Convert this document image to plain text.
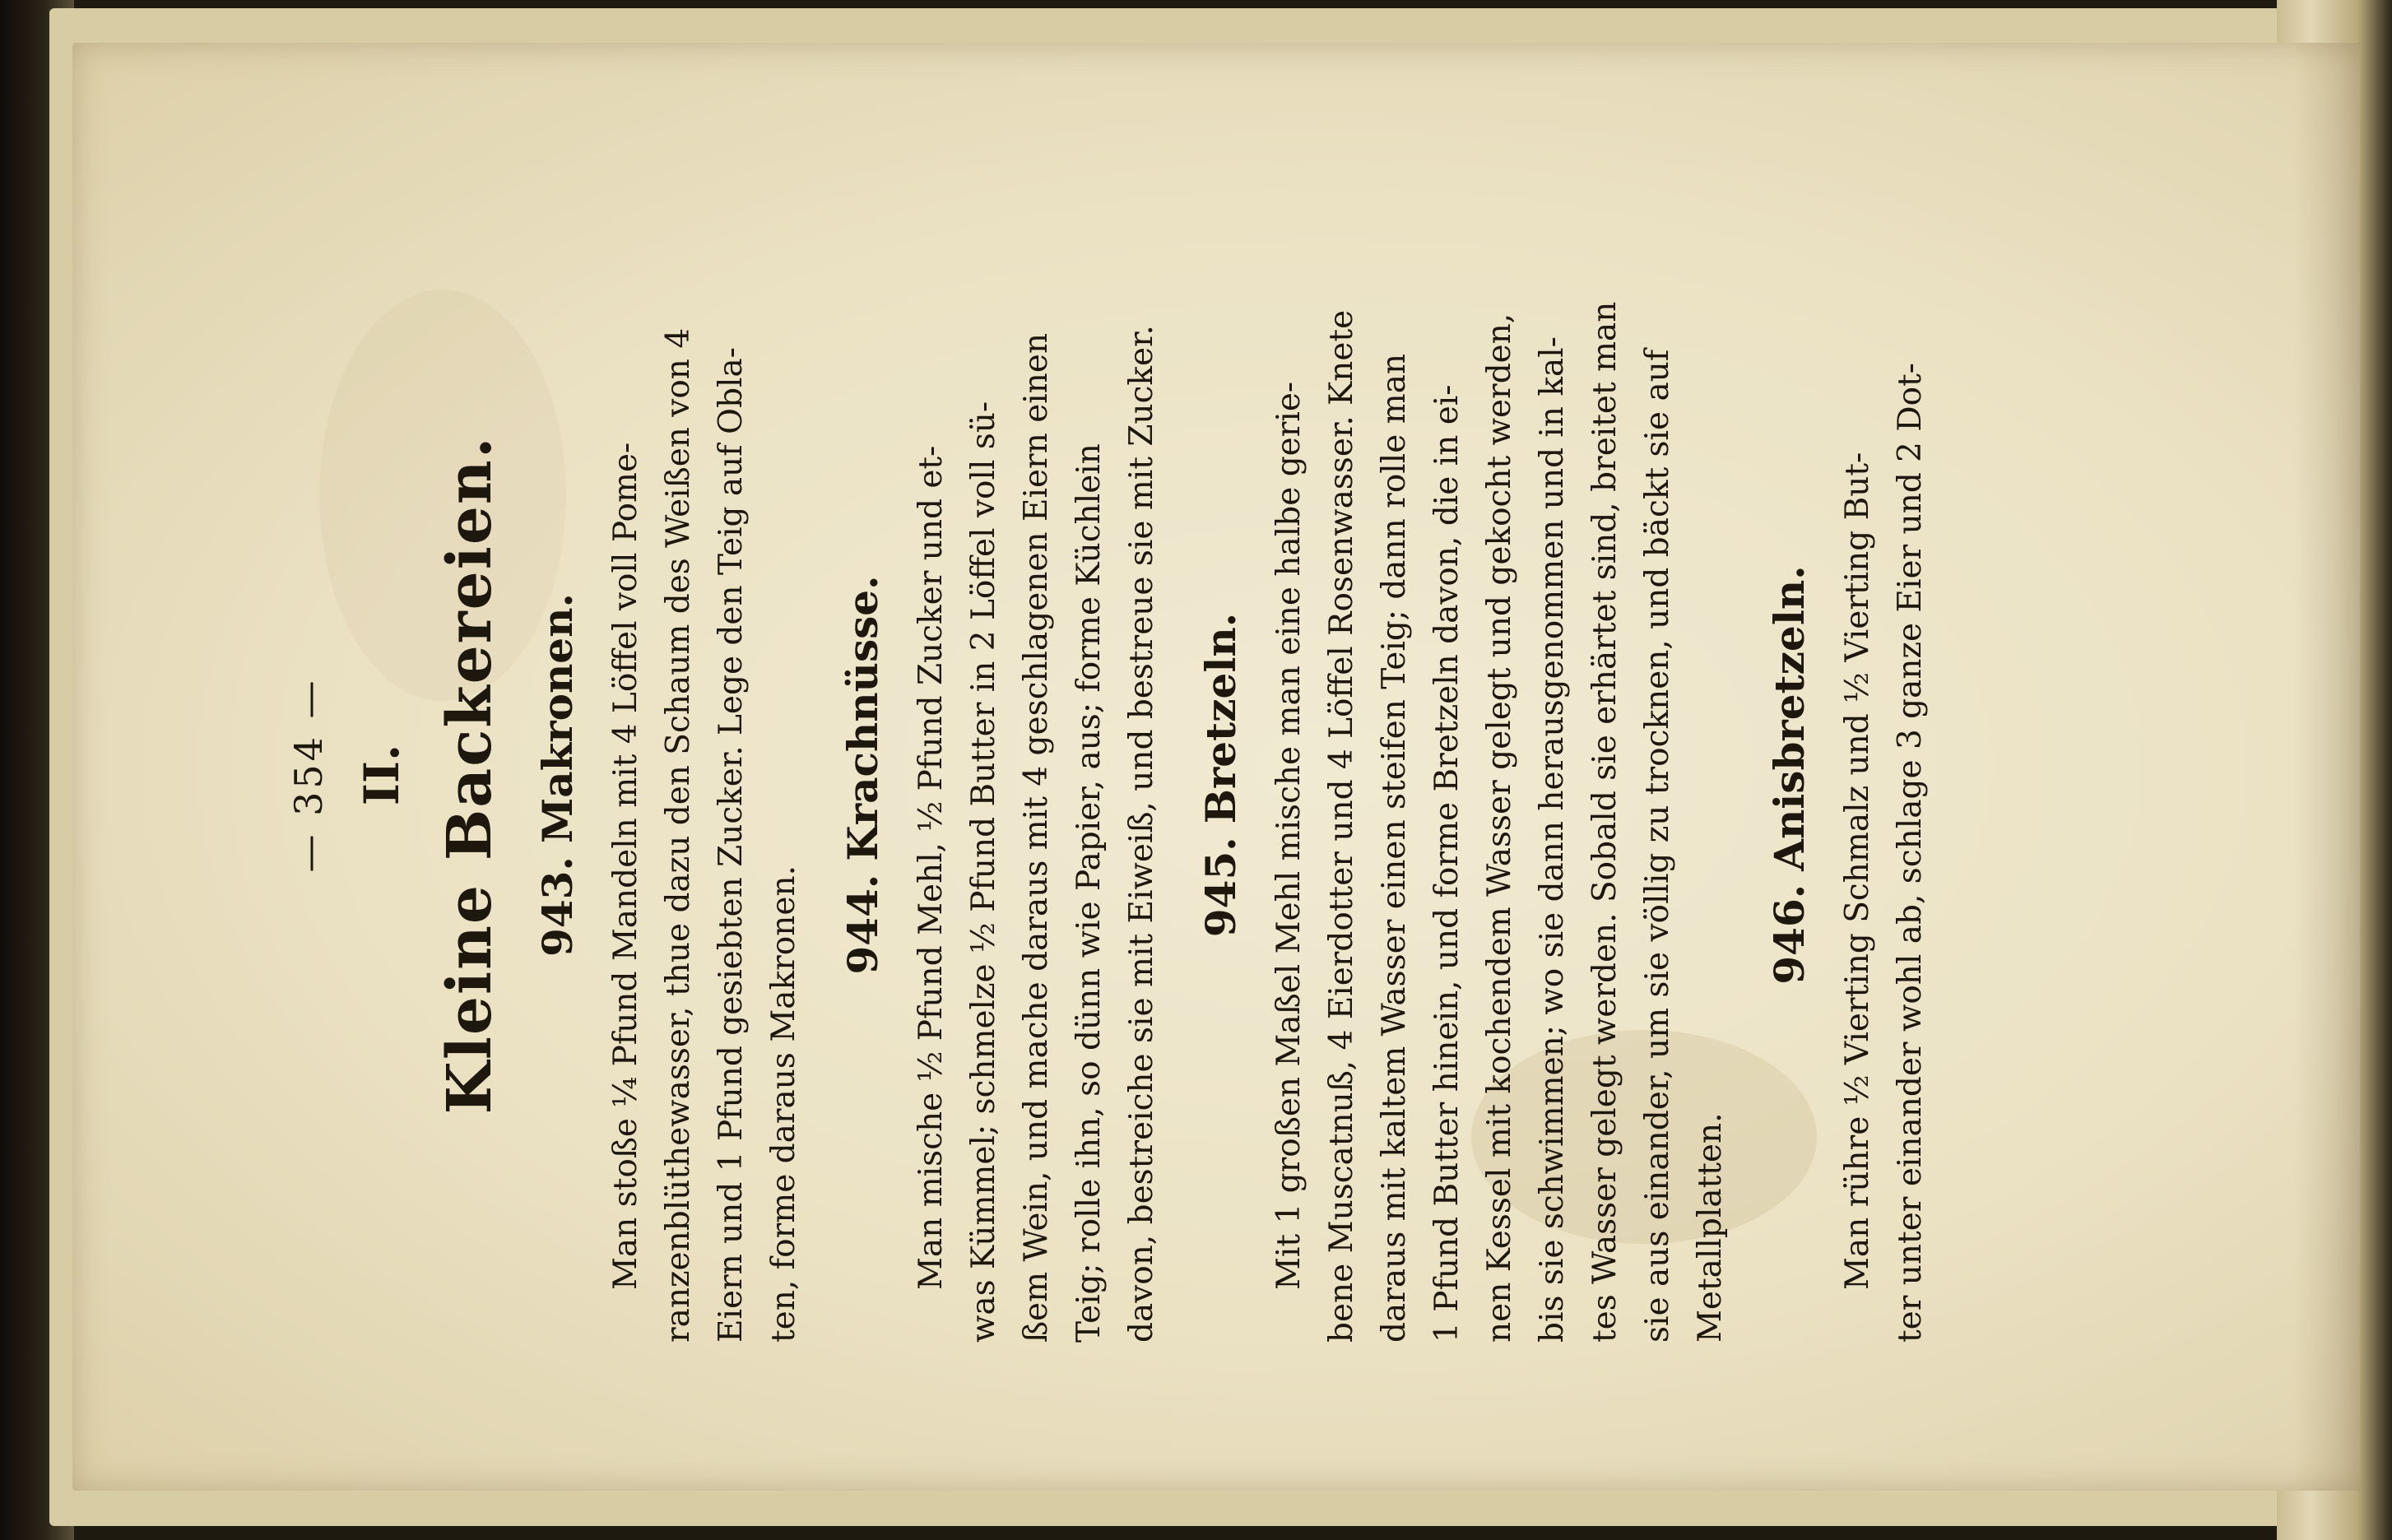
— 354 — II. Kleine Backereien. 943.Makronen. Man stoße ¼ Pfund Mandeln mit 4 Löffel voll Pome- ranzenblüthewasser, thue dazu den Schaum des Weißen von 4 Eiern und 1 Pfund gesiebten Zucker. Lege den Teig auf Obla- ten, forme daraus Makronen. 944.Krachnüsse. Man mische ½ Pfund Mehl, ½ Pfund Zucker und et- was Kümmel; schmelze ½ Pfund Butter in 2 Löffel voll sü- ßem Wein, und mache daraus mit 4 geschlagenen Eiern einen Teig; rolle ihn, so dünn wie Papier, aus; forme Küchlein davon, bestreiche sie mit Eiweiß, und bestreue sie mit Zucker. 945.Bretzeln. Mit 1 großen Maßel Mehl mische man eine halbe gerie- bene Muscatnuß, 4 Eierdotter und 4 Löffel Rosenwasser. Knete daraus mit kaltem Wasser einen steifen Teig; dann rolle man 1 Pfund Butter hinein, und forme Bretzeln davon, die in ei- nen Kessel mit kochendem Wasser gelegt und gekocht werden, bis sie schwimmen; wo sie dann herausgenommen und in kal- tes Wasser gelegt werden. Sobald sie erhärtet sind, breitet man sie aus einander, um sie völlig zu trocknen, und bäckt sie auf Metallplatten.

946.Anisbretzeln. Man rühre ½ Vierting Schmalz und ½ Vierting But- ter unter einander wohl ab, schlage 3 ganze Eier und 2 Dot-
